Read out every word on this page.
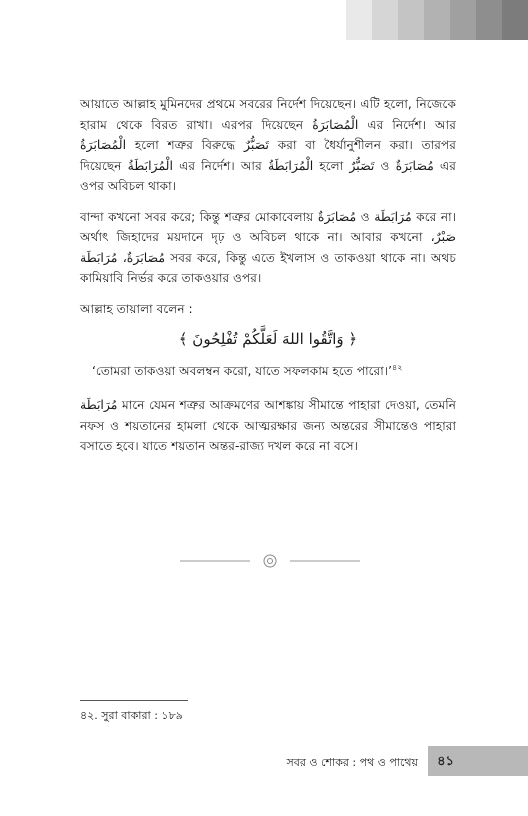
আয়াতে আল্লাহ মুমিনদের প্রথমে সবরের নির্দেশ দিয়েছেন। এটি হলো, নিজেকে হারাম থেকে বিরত রাখা। এরপর দিয়েছেন الْمُصَابَرَةُ এর নির্দেশ। আর الْمُصَابَرَةُ হলো শত্রুর বিরুদ্ধে تَصَبُّرٌ করা বা ধৈর্যানুশীলন করা। তারপর দিয়েছেন الْمُرَابَطَةُ এর নির্দেশ। আর الْمُرَابَطَةُ হলো تَصَبُّرٌ ও مُصَابَرَةٌ এর ওপর অবিচল থাকা।

বান্দা কখনো সবর করে; কিন্তু শত্রুর মোকাবেলায় مُصَابَرَةٌ ও مُرَابَطَة করে না। অর্থাৎ জিহাদের ময়দানে দৃঢ় ও অবিচল থাকে না। আবার কখনো صَبْرٌ، مُصَابَرَةٌ، مُرَابَطَة সবর করে, কিন্তু এতে ইখলাস ও তাকওয়া থাকে না। অথচ কামিয়াবি নির্ভর করে তাকওয়ার ওপর।

আল্লাহ তায়ালা বলেন :

﴿ وَاتَّقُوا اللهَ لَعَلَّكُمْ تُفْلِحُونَ ﴾

‘তোমরা তাকওয়া অবলম্বন করো, যাতে সফলকাম হতে পারো।’$^{৪২}$

مُرَابَطَة মানে যেমন শত্রুর আক্রমণের আশঙ্কায় সীমান্তে পাহারা দেওয়া, তেমনি নফস ও শয়তানের হামলা থেকে আত্মরক্ষার জন্য অন্তরের সীমান্তেও পাহারা বসাতে হবে। যাতে শয়তান অন্তর-রাজ্য দখল করে না বসে।

৪২. সুরা বাকারা : ১৮৯
সবর ও শোকর : পথ ও পাথেয় ৪১
